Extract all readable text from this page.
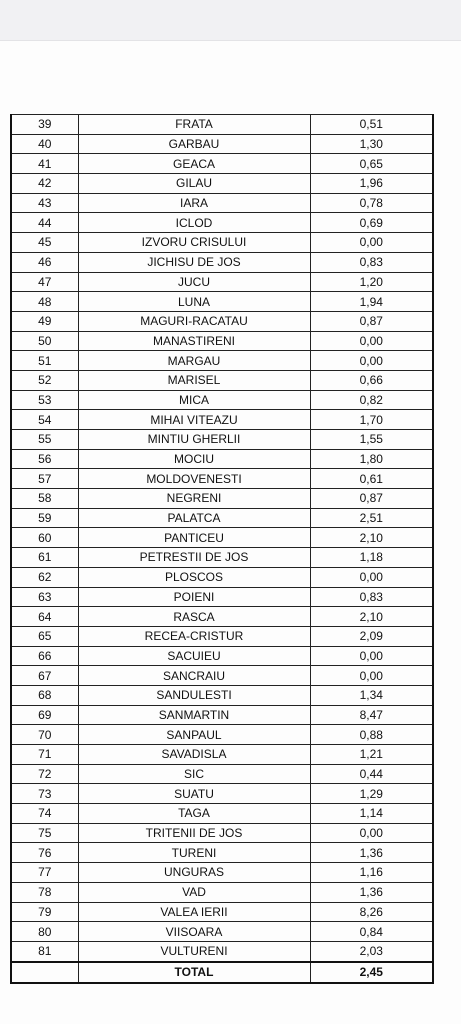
39	FRATA	0,51
40	GARBAU	1,30
41	GEACA	0,65
42	GILAU	1,96
43	IARA	0,78
44	ICLOD	0,69
45	IZVORU CRISULUI	0,00
46	JICHISU DE JOS	0,83
47	JUCU	1,20
48	LUNA	1,94
49	MAGURI-RACATAU	0,87
50	MANASTIRENI	0,00
51	MARGAU	0,00
52	MARISEL	0,66
53	MICA	0,82
54	MIHAI VITEAZU	1,70
55	MINTIU GHERLII	1,55
56	MOCIU	1,80
57	MOLDOVENESTI	0,61
58	NEGRENI	0,87
59	PALATCA	2,51
60	PANTICEU	2,10
61	PETRESTII DE JOS	1,18
62	PLOSCOS	0,00
63	POIENI	0,83
64	RASCA	2,10
65	RECEA-CRISTUR	2,09
66	SACUIEU	0,00
67	SANCRAIU	0,00
68	SANDULESTI	1,34
69	SANMARTIN	8,47
70	SANPAUL	0,88
71	SAVADISLA	1,21
72	SIC	0,44
73	SUATU	1,29
74	TAGA	1,14
75	TRITENII DE JOS	0,00
76	TURENI	1,36
77	UNGURAS	1,16
78	VAD	1,36
79	VALEA IERII	8,26
80	VIISOARA	0,84
81	VULTURENI	2,03
	TOTAL	2,45
